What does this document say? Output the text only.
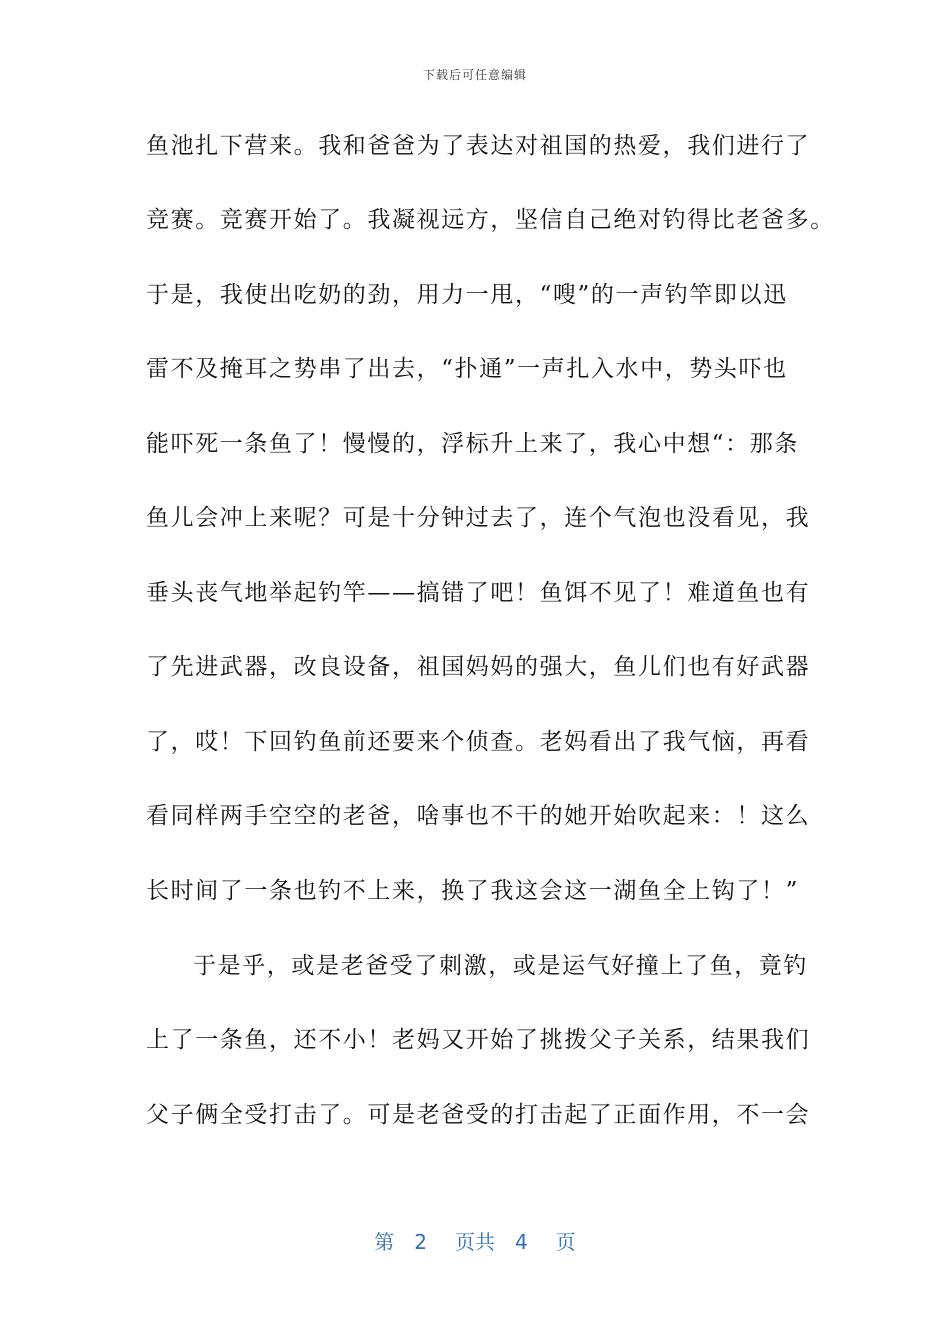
下载后可任意编辑
鱼池扎下营来。我和爸爸为了表达对祖国的热爱，我们进行了
竞赛。竞赛开始了。我凝视远方，坚信自己绝对钓得比老爸多。
于是，我使出吃奶的劲，用力一甩，“嗖”的一声钓竿即以迅
雷不及掩耳之势串了出去，“扑通”一声扎入水中，势头吓也
能吓死一条鱼了！慢慢的，浮标升上来了，我心中想“：那条
鱼儿会冲上来呢？可是十分钟过去了，连个气泡也没看见，我
垂头丧气地举起钓竿——搞错了吧！鱼饵不见了！难道鱼也有
了先进武器，改良设备，祖国妈妈的强大，鱼儿们也有好武器
了，哎！下回钓鱼前还要来个侦查。老妈看出了我气恼，再看
看同样两手空空的老爸，啥事也不干的她开始吹起来：！这么
长时间了一条也钓不上来，换了我这会这一湖鱼全上钩了！”
于是乎，或是老爸受了刺激，或是运气好撞上了鱼，竟钓
上了一条鱼，还不小！老妈又开始了挑拨父子关系，结果我们
父子俩全受打击了。可是老爸受的打击起了正面作用，不一会
第 2 页共 4 页
